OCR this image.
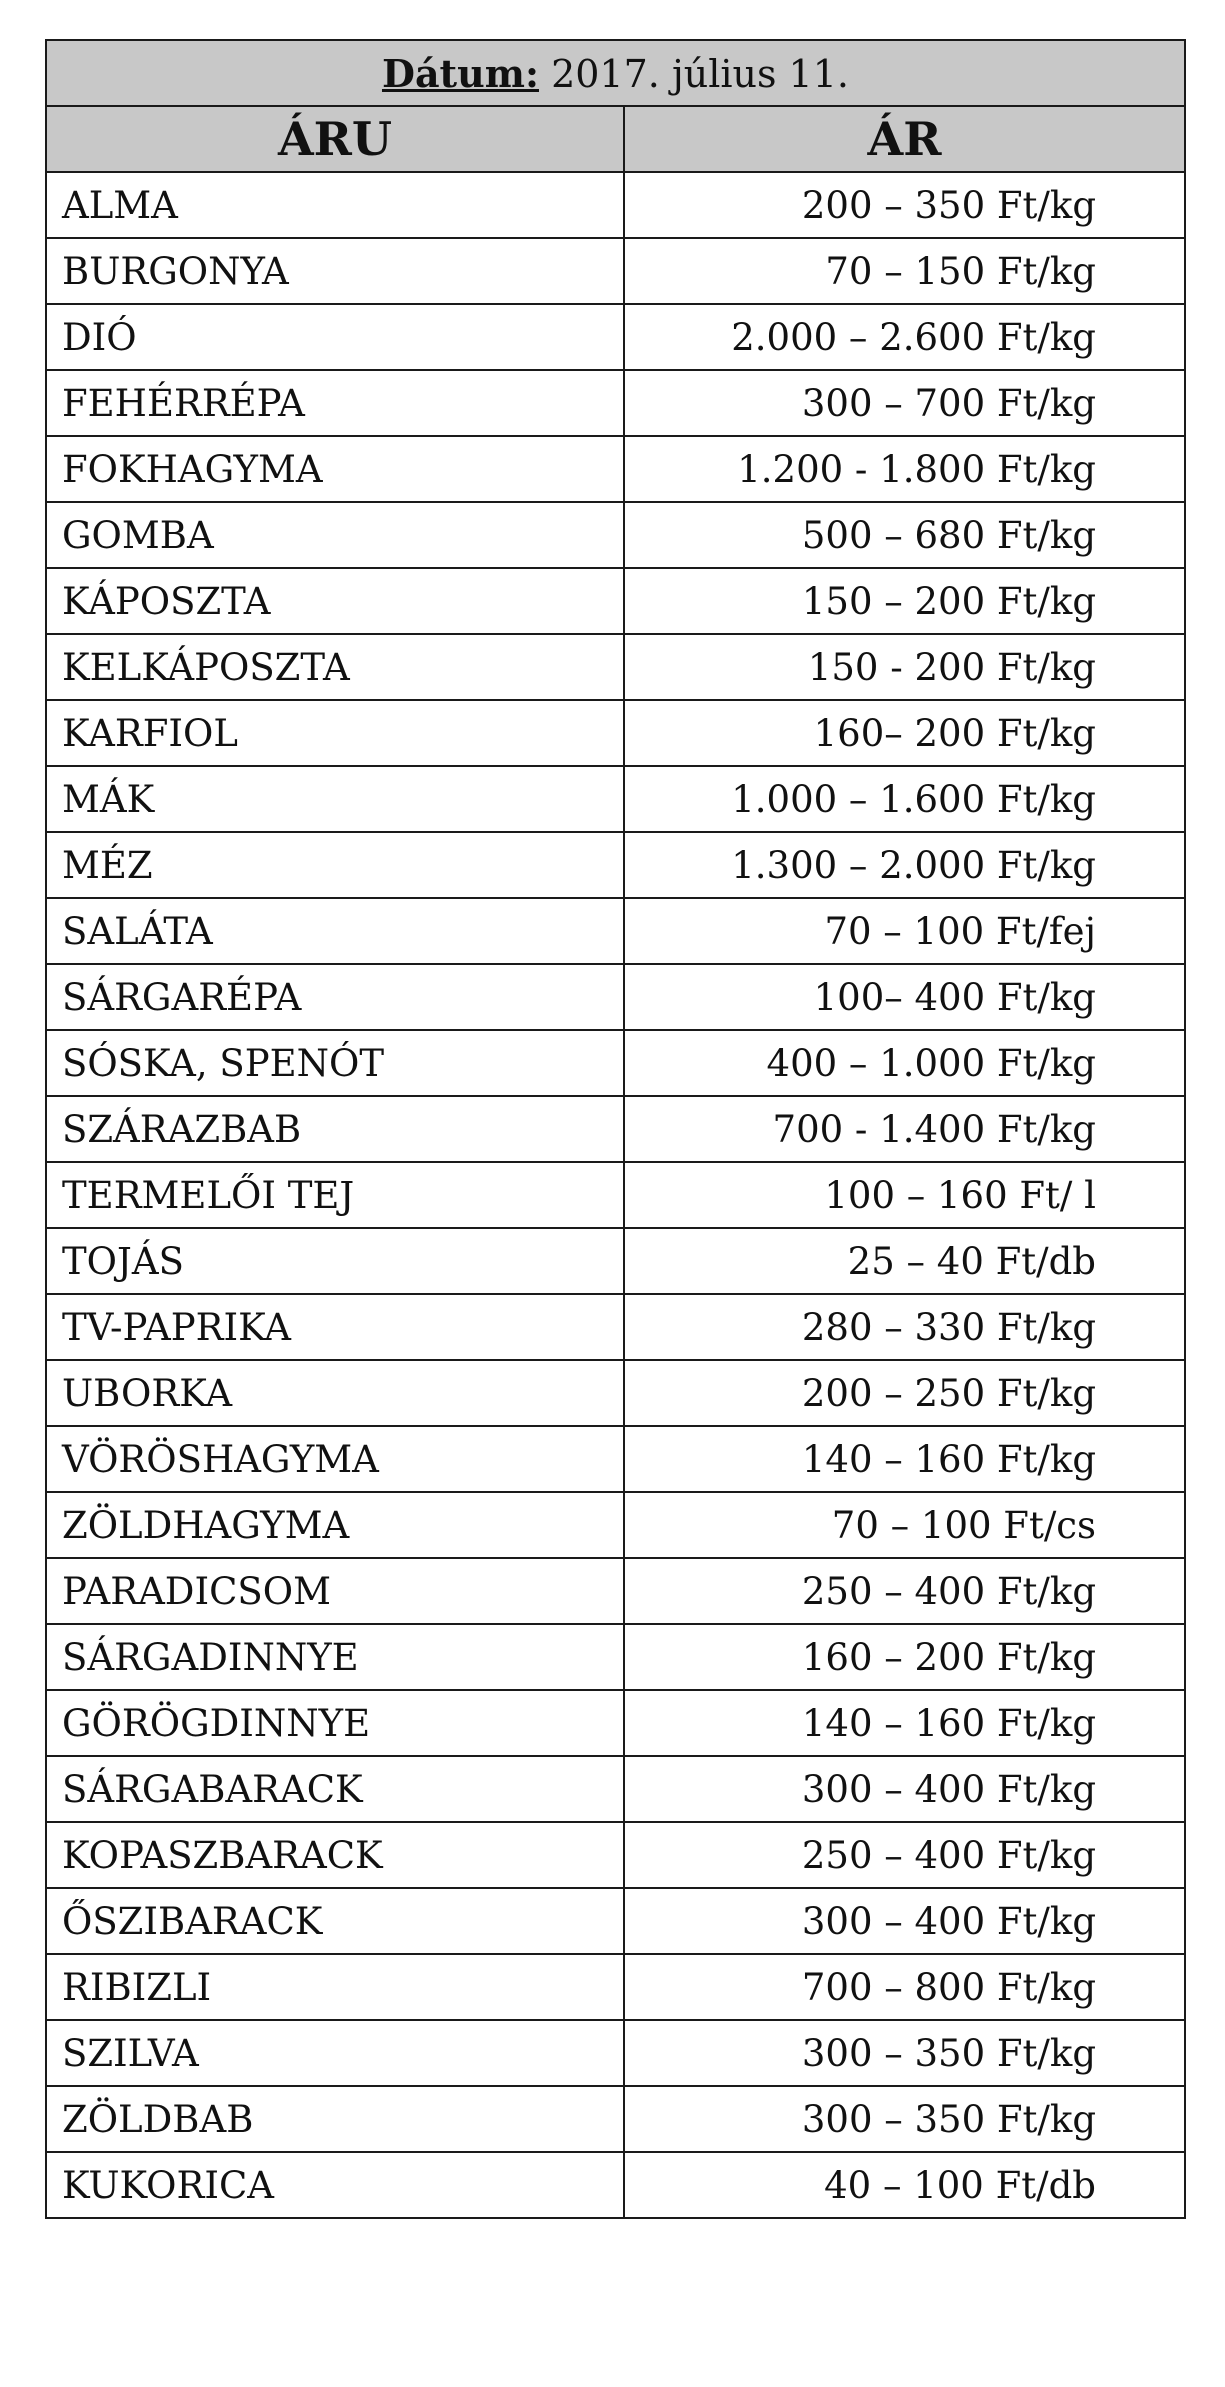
Dátum: 2017. július 11.	
ÁRU	ÁR
ALMA	200 – 350 Ft/kg
BURGONYA	70 – 150 Ft/kg
DIÓ	2.000 – 2.600 Ft/kg
FEHÉRRÉPA	300 – 700 Ft/kg
FOKHAGYMA	1.200 - 1.800 Ft/kg
GOMBA	500 – 680 Ft/kg
KÁPOSZTA	150 – 200 Ft/kg
KELKÁPOSZTA	150 - 200 Ft/kg
KARFIOL	160– 200 Ft/kg
MÁK	1.000 – 1.600 Ft/kg
MÉZ	1.300 – 2.000 Ft/kg
SALÁTA	70 – 100 Ft/fej
SÁRGARÉPA	100– 400 Ft/kg
SÓSKA, SPENÓT	400 – 1.000 Ft/kg
SZÁRAZBAB	700 - 1.400 Ft/kg
TERMELŐI TEJ	100 – 160 Ft/ l
TOJÁS	25 – 40 Ft/db
TV-PAPRIKA	280 – 330 Ft/kg
UBORKA	200 – 250 Ft/kg
VÖRÖSHAGYMA	140 – 160 Ft/kg
ZÖLDHAGYMA	70 – 100 Ft/cs
PARADICSOM	250 – 400 Ft/kg
SÁRGADINNYE	160 – 200 Ft/kg
GÖRÖGDINNYE	140 – 160 Ft/kg
SÁRGABARACK	300 – 400 Ft/kg
KOPASZBARACK	250 – 400 Ft/kg
ŐSZIBARACK	300 – 400 Ft/kg
RIBIZLI	700 – 800 Ft/kg
SZILVA	300 – 350 Ft/kg
ZÖLDBAB	300 – 350 Ft/kg
KUKORICA	40 – 100 Ft/db
